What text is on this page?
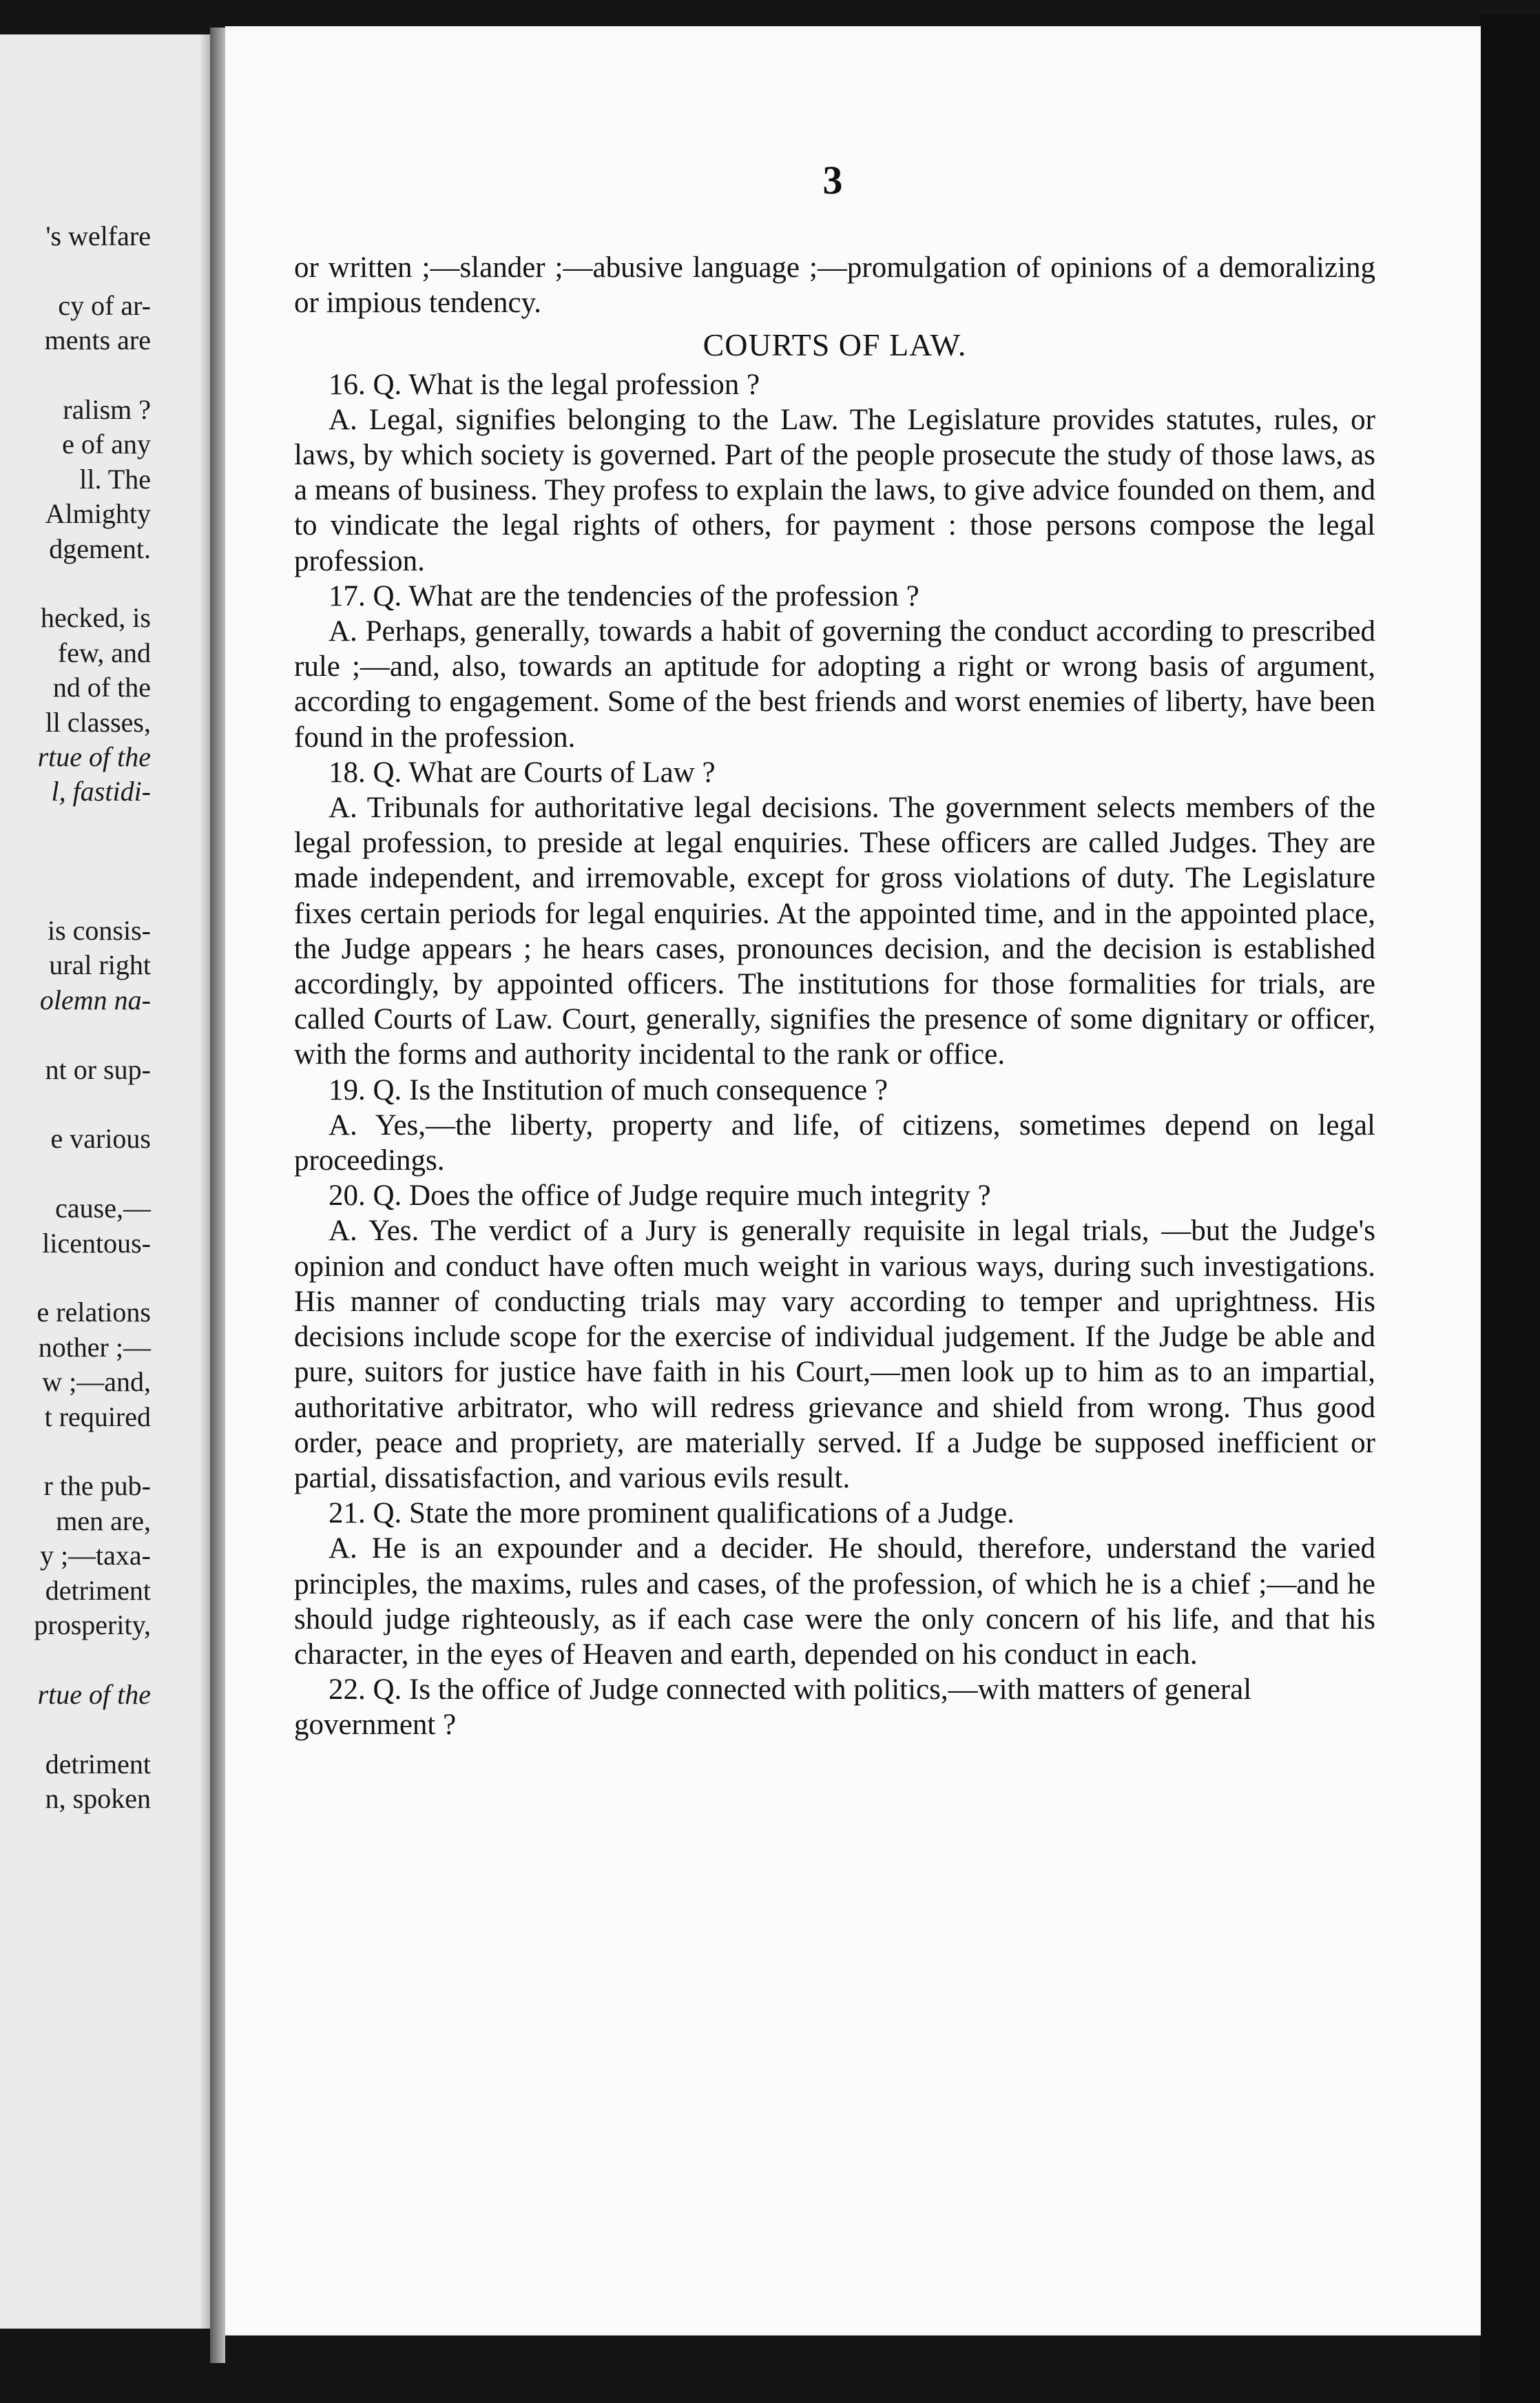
's welfare
cy of ar-
ments are
ralism ?
e of any
ll. The
Almighty
dgement.
hecked, is
few, and
nd of the
ll classes,
rtue of the
l, fastidi-
is consis-
ural right
olemn na-
nt or sup-
e various
cause,—
licentous-
e relations
nother ;—
w ;—and,
t required
r the pub-
men are,
y ;—taxa-
detriment
prosperity,
rtue of the
detriment
n, spoken
3

or written ;—slander ;—abusive language ;—promulgation of opinions of a demoralizing or impious tendency.

COURTS OF LAW.

16. Q. What is the legal profession ?

A. Legal, signifies belonging to the Law. The Legislature provides statutes, rules, or laws, by which society is governed. Part of the people prosecute the study of those laws, as a means of business. They profess to explain the laws, to give advice founded on them, and to vindicate the legal rights of others, for payment : those persons compose the legal profession.

17. Q. What are the tendencies of the profession ?

A. Perhaps, generally, towards a habit of governing the conduct according to prescribed rule ;—and, also, towards an aptitude for adopting a right or wrong basis of argument, according to engagement. Some of the best friends and worst enemies of liberty, have been found in the profession.

18. Q. What are Courts of Law ?

A. Tribunals for authoritative legal decisions. The government selects members of the legal profession, to preside at legal enquiries. These officers are called Judges. They are made independent, and irremovable, except for gross violations of duty. The Legislature fixes certain periods for legal enquiries. At the appointed time, and in the appointed place, the Judge appears ; he hears cases, pronounces decision, and the decision is established accordingly, by appointed officers. The institutions for those formalities for trials, are called Courts of Law. Court, generally, signifies the presence of some dignitary or officer, with the forms and authority incidental to the rank or office.

19. Q. Is the Institution of much consequence ?

A. Yes,—the liberty, property and life, of citizens, sometimes depend on legal proceedings.

20. Q. Does the office of Judge require much integrity ?

A. Yes. The verdict of a Jury is generally requisite in legal trials, —but the Judge's opinion and conduct have often much weight in various ways, during such investigations. His manner of conducting trials may vary according to temper and uprightness. His decisions include scope for the exercise of individual judgement. If the Judge be able and pure, suitors for justice have faith in his Court,—men look up to him as to an impartial, authoritative arbitrator, who will redress grievance and shield from wrong. Thus good order, peace and propriety, are materially served. If a Judge be supposed inefficient or partial, dissatisfaction, and various evils result.

21. Q. State the more prominent qualifications of a Judge.

A. He is an expounder and a decider. He should, therefore, understand the varied principles, the maxims, rules and cases, of the profession, of which he is a chief ;—and he should judge righteously, as if each case were the only concern of his life, and that his character, in the eyes of Heaven and earth, depended on his conduct in each.

22. Q. Is the office of Judge connected with politics,—with matters of general government ?
